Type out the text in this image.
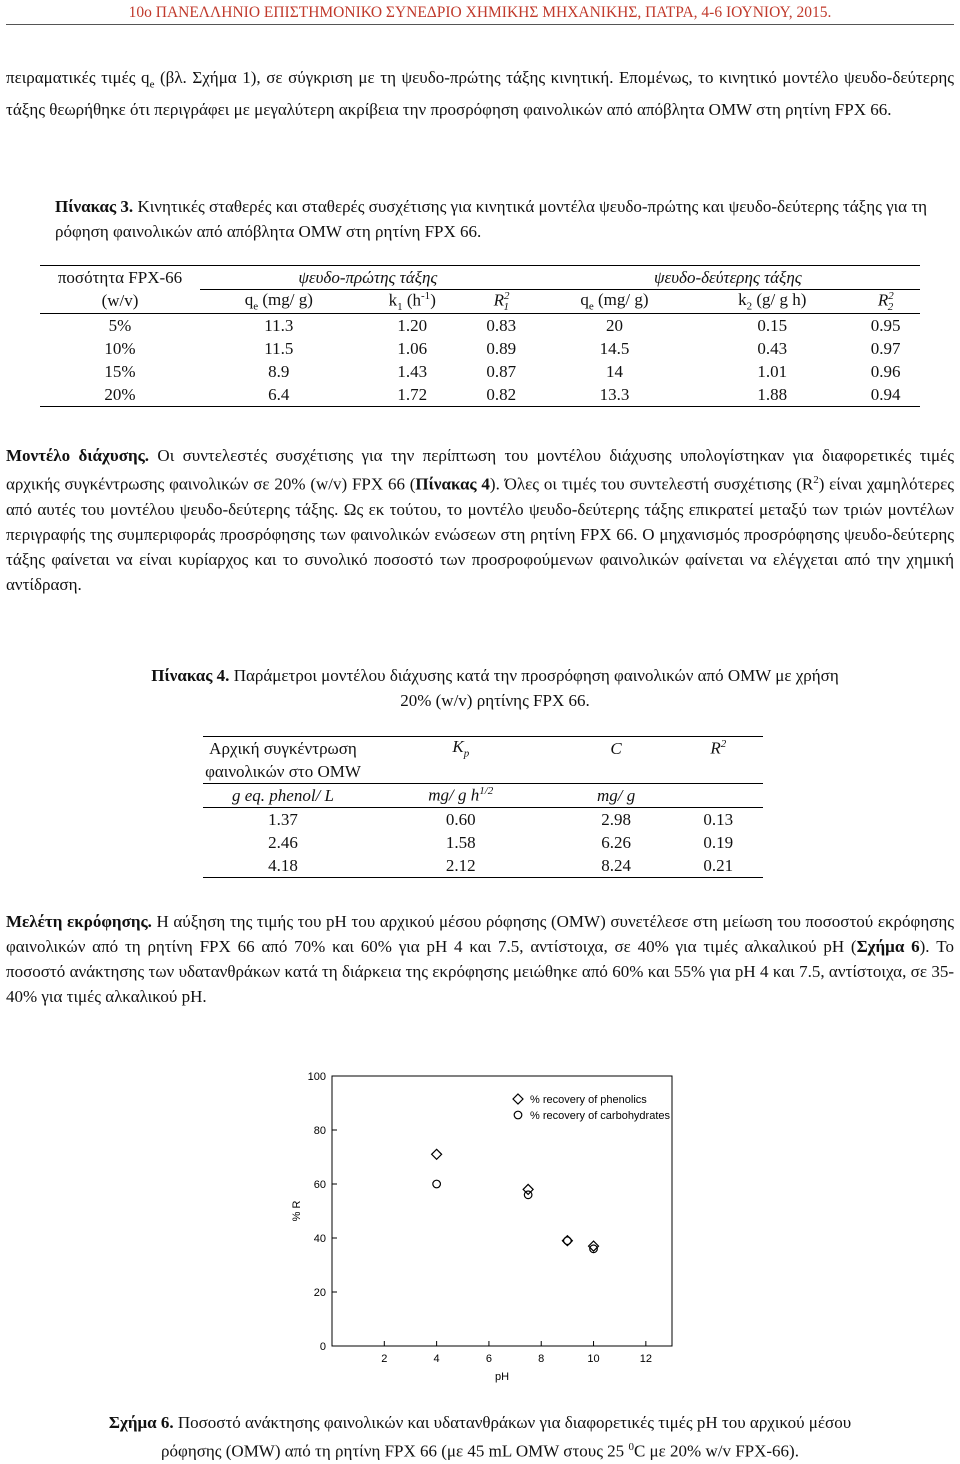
10ο ΠΑΝΕΛΛΗΝΙΟ ΕΠΙΣΤΗΜΟΝΙΚΟ ΣΥΝΕΔΡΙΟ ΧΗΜΙΚΗΣ ΜΗΧΑΝΙΚΗΣ, ΠΑΤΡΑ, 4-6 ΙΟΥΝΙΟΥ, 2015.
πειραματικές τιμές $q_e$ (βλ. Σχήμα 1), σε σύγκριση με τη ψευδο-πρώτης τάξης κινητική. Επομένως, το κινητικό μοντέλο ψευδο-δεύτερης τάξης θεωρήθηκε ότι περιγράφει με μεγαλύτερη ακρίβεια την προσρόφηση φαινολικών από απόβλητα OMW στη ρητίνη FPX 66.
Πίνακας 3. Κινητικές σταθερές και σταθερές συσχέτισης για κινητικά μοντέλα ψευδο-πρώτης και ψευδο-δεύτερης τάξης για τη ρόφηση φαινολικών από απόβλητα OMW στη ρητίνη FPX 66.
ποσότητα FPX-66	ψευδο-πρώτης τάξης			ψευδο-δεύτερης τάξης		
(w/v)	$q_e$ (mg/ g)	$k_1$ $(h^{-1})$	$R^2_1$	$q_e$ (mg/ g)	$k_2$ (g/ g h)	$R^2_2$
5%	11.3	1.20	0.83	20	0.15	0.95
10%	11.5	1.06	0.89	14.5	0.43	0.97
15%	8.9	1.43	0.87	14	1.01	0.96
20%	6.4	1.72	0.82	13.3	1.88	0.94
Μοντέλο διάχυσης. Οι συντελεστές συσχέτισης για την περίπτωση του μοντέλου διάχυσης υπολογίστηκαν για διαφορετικές τιμές αρχικής συγκέντρωσης φαινολικών σε 20% (w/v) FPX 66 (Πίνακας 4). Όλες οι τιμές του συντελεστή συσχέτισης $(R^2)$ είναι χαμηλότερες από αυτές του μοντέλου ψευδο-δεύτερης τάξης. Ως εκ τούτου, το μοντέλο ψευδο-δεύτερης τάξης επικρατεί μεταξύ των τριών μοντέλων περιγραφής της συμπεριφοράς προσρόφησης των φαινολικών ενώσεων στη ρητίνη FPX 66. Ο μηχανισμός προσρόφησης ψευδο-δεύτερης τάξης φαίνεται να είναι κυρίαρχος και το συνολικό ποσοστό των προσροφούμενων φαινολικών φαίνεται να ελέγχεται από την χημική αντίδραση.
Πίνακας 4. Παράμετροι μοντέλου διάχυσης κατά την προσρόφηση φαινολικών από OMW με χρήση
20% (w/v) ρητίνης FPX 66.
Αρχική συγκέντρωση	$K_p$	C	$R^2$
φαινολικών στο OMW			
g eq. phenol/ L	mg/ g $h^{1/2}$	mg/ g	
1.37	0.60	2.98	0.13
2.46	1.58	6.26	0.19
4.18	2.12	8.24	0.21
Μελέτη εκρόφησης. Η αύξηση της τιμής του pH του αρχικού μέσου ρόφησης (OMW) συνετέλεσε στη μείωση του ποσοστού εκρόφησης φαινολικών από τη ρητίνη FPX 66 από 70% και 60% για pH 4 και 7.5, αντίστοιχα, σε 40% για τιμές αλκαλικού pH (Σχήμα 6). Το ποσοστό ανάκτησης των υδατανθράκων κατά τη διάρκεια της εκρόφησης μειώθηκε από 60% και 55% για pH 4 και 7.5, αντίστοιχα, σε 35-40% για τιμές αλκαλικού pH.
0
20
40
60
80
100
2	4	6	8	10	12
pH
% R
% recovery of phenolics
% recovery of carbohydrates
Σχήμα 6. Ποσοστό ανάκτησης φαινολικών και υδατανθράκων για διαφορετικές τιμές pH του αρχικού μέσου
ρόφησης (OMW) από τη ρητίνη FPX 66 (με 45 mL OMW στους 25 $^0$C με 20% w/v FPX-66).
